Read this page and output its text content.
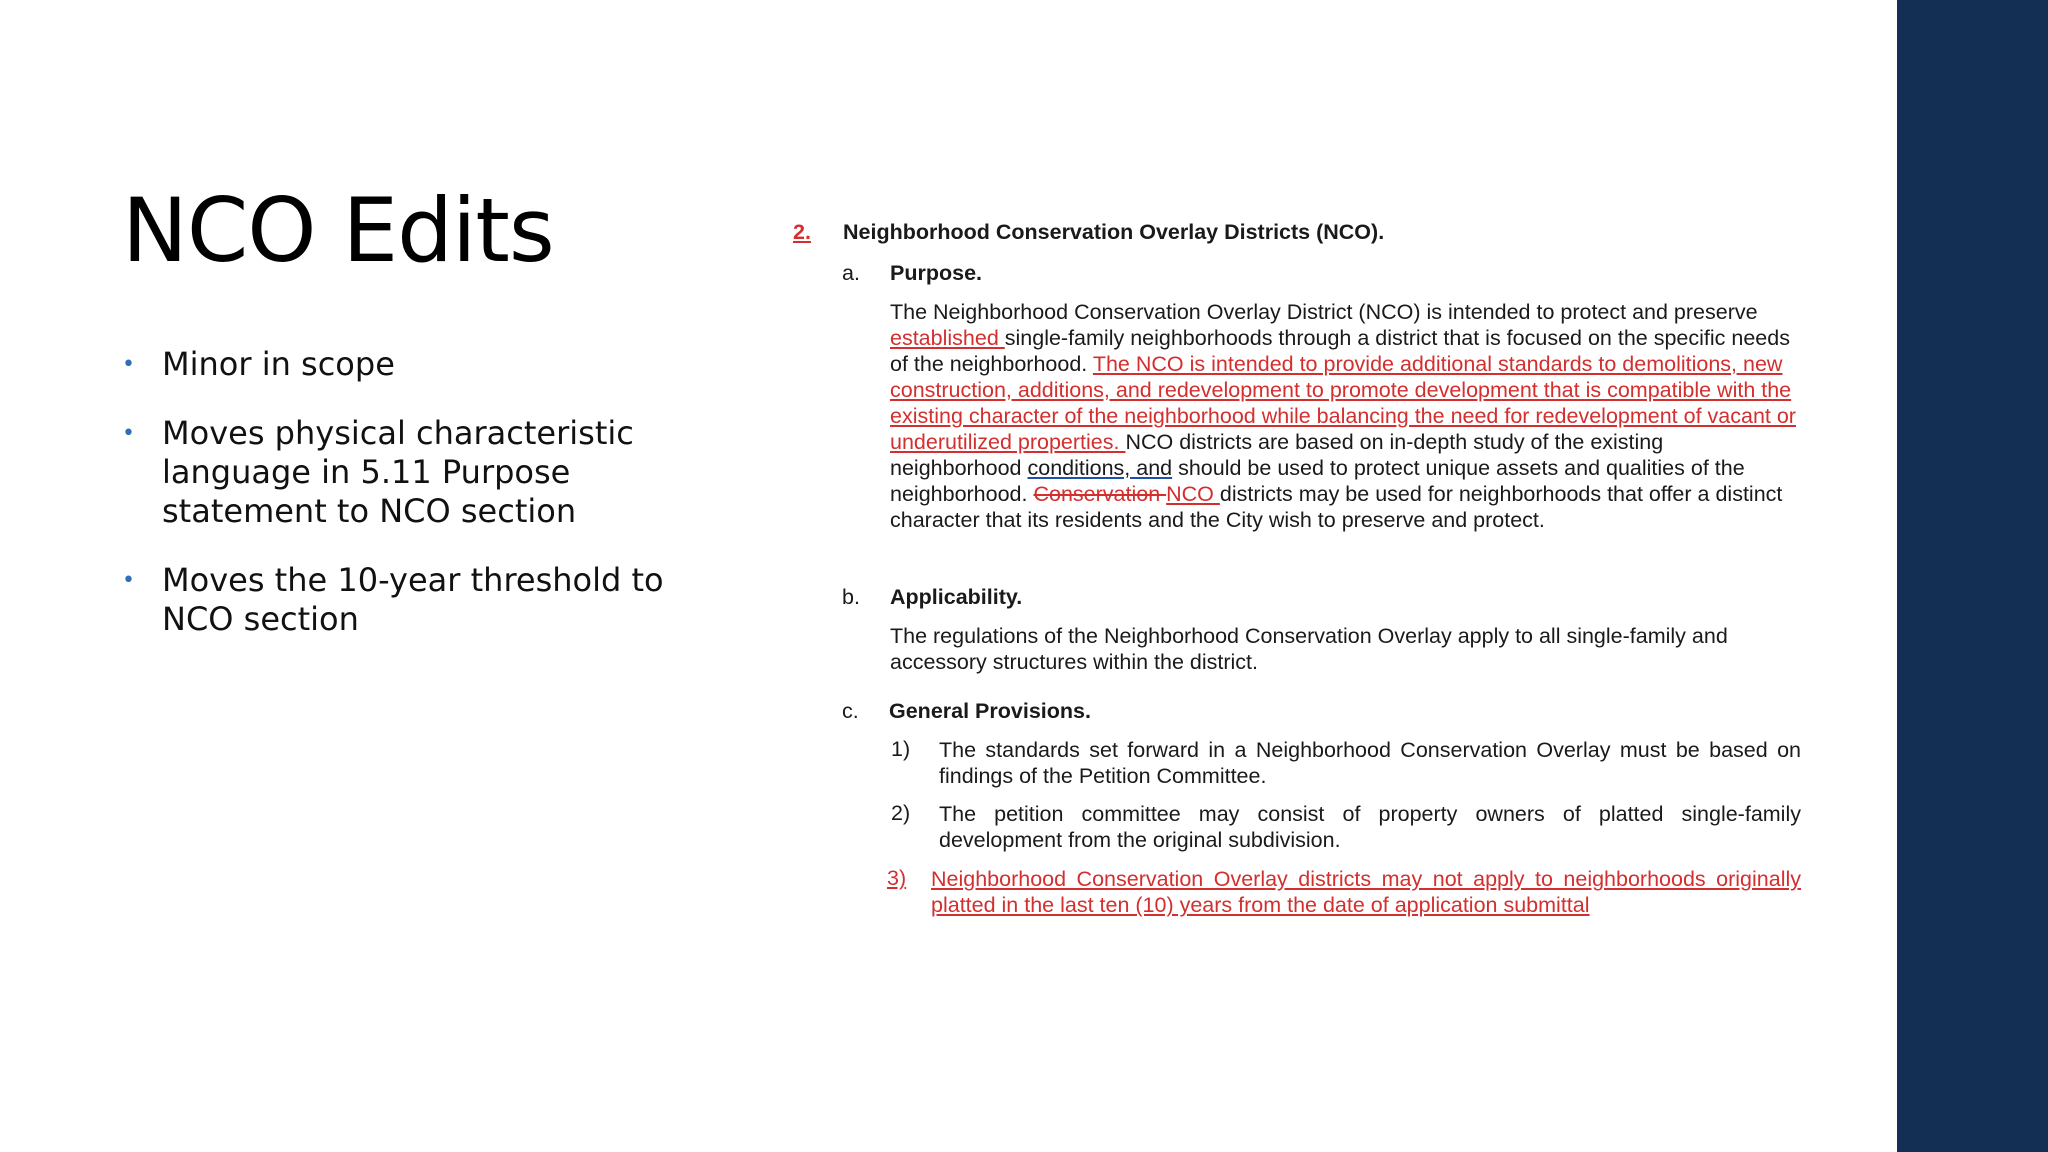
NCO Edits
• Minor in scope
• Moves physical characteristic language in 5.11 Purpose statement to NCO section
• Moves the 10-year threshold to NCO section
2. Neighborhood Conservation Overlay Districts (NCO).
a. Purpose.
The Neighborhood Conservation Overlay District (NCO) is intended to protect and preserve established single-family neighborhoods through a district that is focused on the specific needs of the neighborhood. The NCO is intended to provide additional standards to demolitions, new construction, additions, and redevelopment to promote development that is compatible with the existing character of the neighborhood while balancing the need for redevelopment of vacant or underutilized properties. NCO districts are based on in-depth study of the existing neighborhood conditions, and should be used to protect unique assets and qualities of the neighborhood. Conservation NCO districts may be used for neighborhoods that offer a distinct character that its residents and the City wish to preserve and protect.
b. Applicability.
The regulations of the Neighborhood Conservation Overlay apply to all single-family and accessory structures within the district.
c. General Provisions.
1) The standards set forward in a Neighborhood Conservation Overlay must be based on findings of the Petition Committee.
2) The petition committee may consist of property owners of platted single-family development from the original subdivision.
3) Neighborhood Conservation Overlay districts may not apply to neighborhoods originally platted in the last ten (10) years from the date of application submittal
